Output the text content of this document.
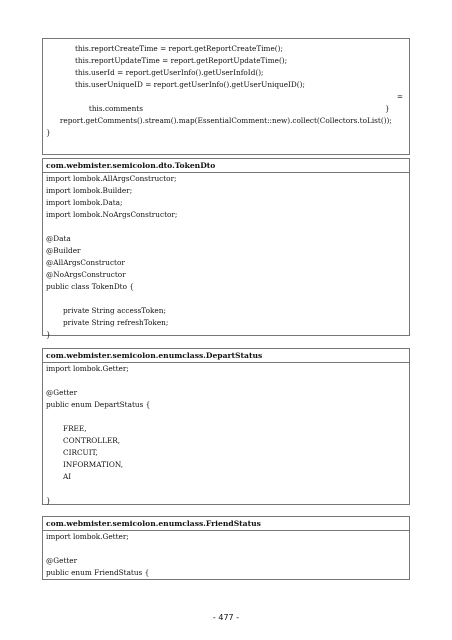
this.reportCreateTime = report.getReportCreateTime();
this.reportUpdateTime = report.getReportUpdateTime();
this.userId = report.getUserInfo().getUserInfoId();
this.userUniqueID = report.getUserInfo().getUserUniqueID();

this.comments

=

report.getComments().stream().map(EssentialComment::new).collect(Collectors.toList());

}

}
com.webmister.semicolon.dto.TokenDto
import lombok.AllArgsConstructor;
import lombok.Builder;
import lombok.Data;
import lombok.NoArgsConstructor;
@Data
@Builder
@AllArgsConstructor
@NoArgsConstructor
public class TokenDto {
private String accessToken;
private String refreshToken;
}
com.webmister.semicolon.enumclass.DepartStatus
import lombok.Getter;
@Getter
public enum DepartStatus {
FREE,
CONTROLLER,
CIRCUIT,
INFORMATION,
AI
}
com.webmister.semicolon.enumclass.FriendStatus
import lombok.Getter;
@Getter
public enum FriendStatus {
- 477 -
